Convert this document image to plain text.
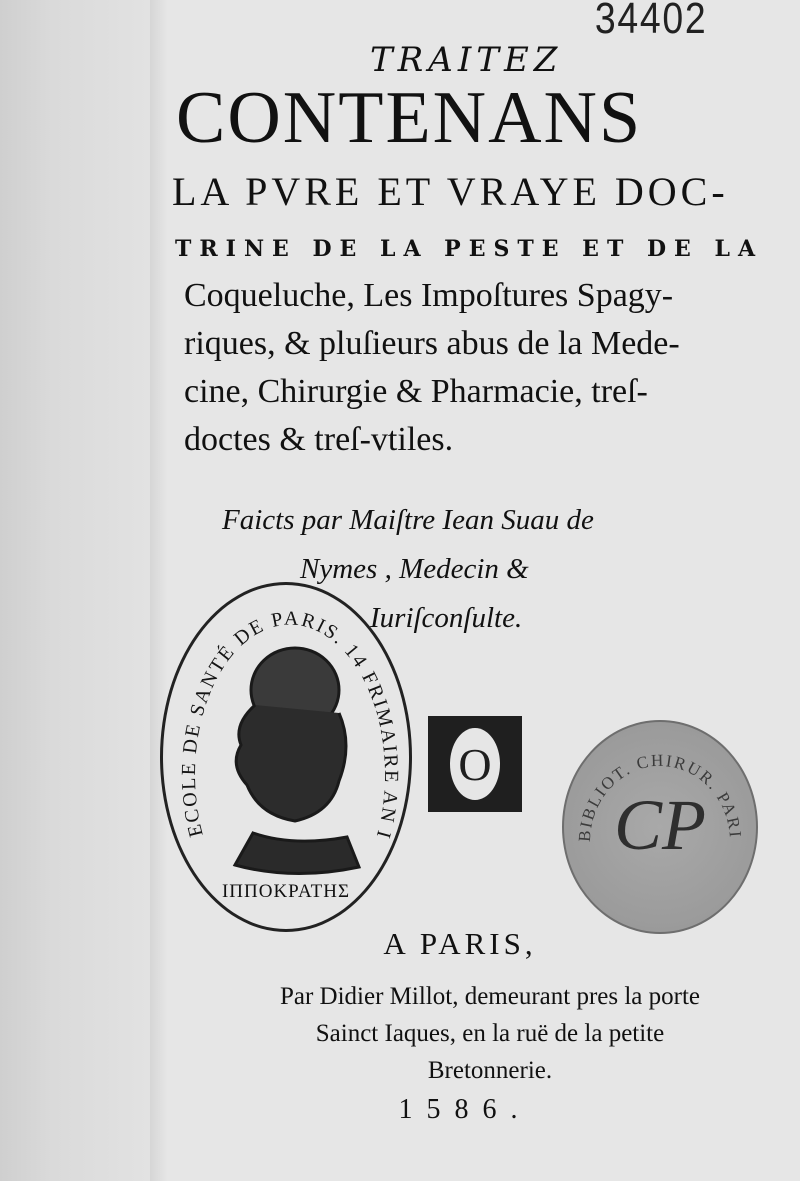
34402
TRAITEZ
CONTENANS
LA PVRE ET VRAYE DOC-
TRINE DE LA PESTE ET DE LA
Coqueluche, Les Impoſtures Spagy-
riques, & pluſieurs abus de la Mede-
cine, Chirurgie & Pharmacie, treſ-
doctes & treſ-vtiles.
Faicts par Maiſtre Iean Suau de
Nymes , Medecin &
Iuriſconſulte.
ECOLE DE SANTÉ DE PARIS. 14 FRIMAIRE AN I
ΙΠΠΟΚΡΑΤΗΣ
O
BIBLIOT. CHIRUR. PARI
CP
A PARIS,
Par Didier Millot, demeurant pres la porte
Sainct Iaques, en la ruë de la petite
Bretonnerie.
1586.
